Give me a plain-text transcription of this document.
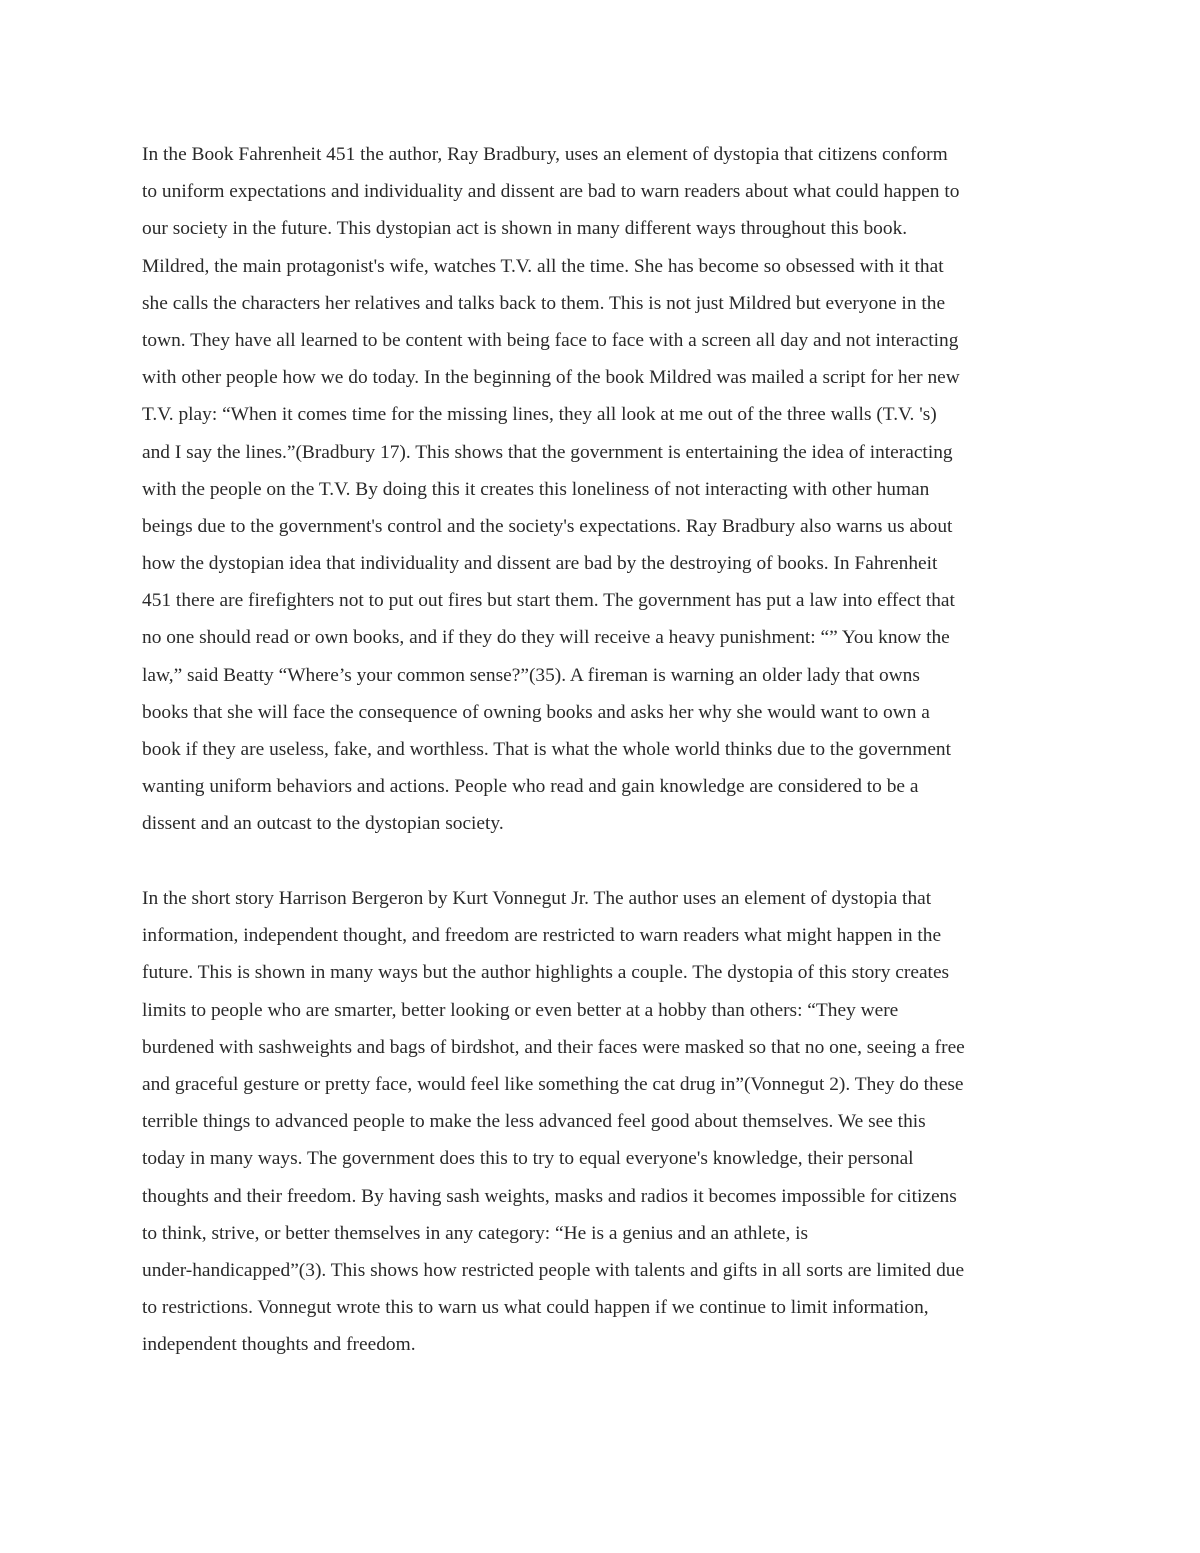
In the Book Fahrenheit 451 the author, Ray Bradbury, uses an element of dystopia that citizens conform
to uniform expectations and individuality and dissent are bad to warn readers about what could happen to
our society in the future. This dystopian act is shown in many different ways throughout this book.
Mildred, the main protagonist's wife, watches T.V. all the time. She has become so obsessed with it that
she calls the characters her relatives and talks back to them. This is not just Mildred but everyone in the
town. They have all learned to be content with being face to face with a screen all day and not interacting
with other people how we do today. In the beginning of the book Mildred was mailed a script for her new
T.V. play: “When it comes time for the missing lines, they all look at me out of the three walls (T.V. 's)
and I say the lines.”(Bradbury 17). This shows that the government is entertaining the idea of interacting
with the people on the T.V. By doing this it creates this loneliness of not interacting with other human
beings due to the government's control and the society's expectations. Ray Bradbury also warns us about
how the dystopian idea that individuality and dissent are bad by the destroying of books. In Fahrenheit
451 there are firefighters not to put out fires but start them. The government has put a law into effect that
no one should read or own books, and if they do they will receive a heavy punishment: “” You know the
law,” said Beatty “Where’s your common sense?”(35). A fireman is warning an older lady that owns
books that she will face the consequence of owning books and asks her why she would want to own a
book if they are useless, fake, and worthless. That is what the whole world thinks due to the government
wanting uniform behaviors and actions. People who read and gain knowledge are considered to be a
dissent and an outcast to the dystopian society.
In the short story Harrison Bergeron by Kurt Vonnegut Jr. The author uses an element of dystopia that
information, independent thought, and freedom are restricted to warn readers what might happen in the
future. This is shown in many ways but the author highlights a couple. The dystopia of this story creates
limits to people who are smarter, better looking or even better at a hobby than others: “They were
burdened with sashweights and bags of birdshot, and their faces were masked so that no one, seeing a free
and graceful gesture or pretty face, would feel like something the cat drug in”(Vonnegut 2). They do these
terrible things to advanced people to make the less advanced feel good about themselves. We see this
today in many ways. The government does this to try to equal everyone's knowledge, their personal
thoughts and their freedom. By having sash weights, masks and radios it becomes impossible for citizens
to think, strive, or better themselves in any category: “He is a genius and an athlete, is
under-handicapped”(3). This shows how restricted people with talents and gifts in all sorts are limited due
to restrictions. Vonnegut wrote this to warn us what could happen if we continue to limit information,
independent thoughts and freedom.
